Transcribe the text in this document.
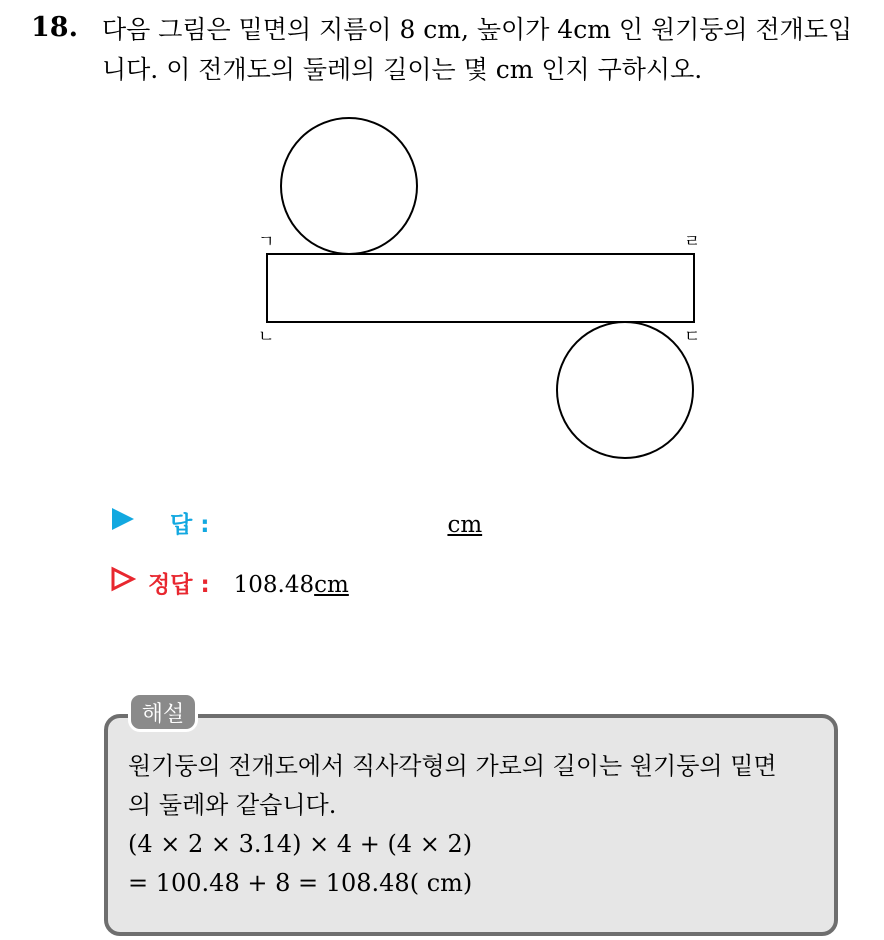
18. 다음 그림은 밑면의 지름이 8 cm, 높이가 4cm 인 원기둥의 전개도입
니다. 이 전개도의 둘레의 길이는 몇 cm 인지 구하시오.
ㄱ	ㄹ
ㄴ	ㄷ
답 :	cm
정답 : 108.48 cm
해설
원기둥의 전개도에서 직사각형의 가로의 길이는 원기둥의 밑면
의 둘레와 같습니다.
(4 × 2 × 3.14) × 4 + (4 × 2)
= 100.48 + 8 = 108.48( cm)
